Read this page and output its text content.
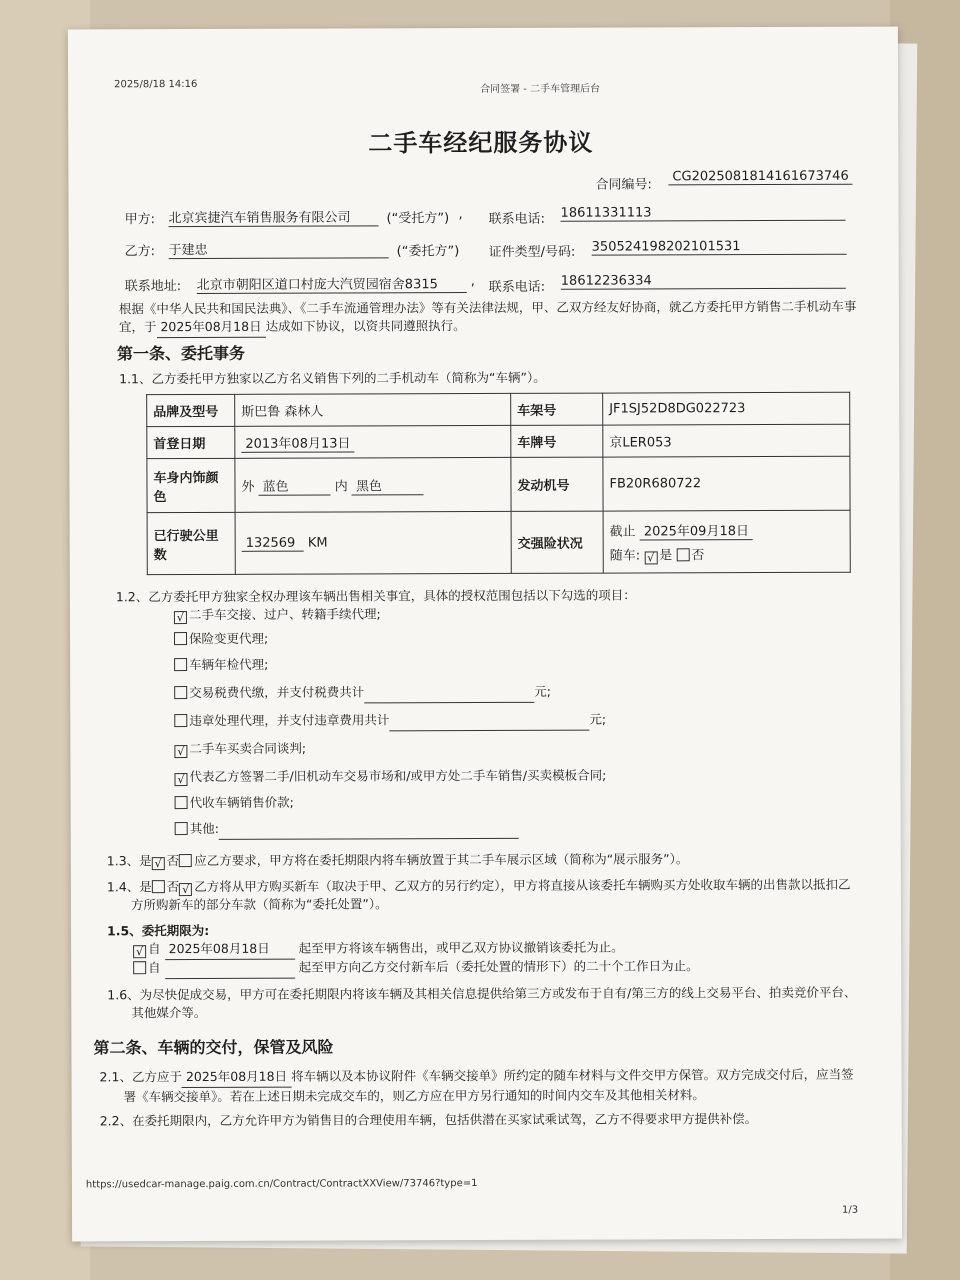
2025/8/18 14:16	合同签署 - 二手车管理后台
二手车经纪服务协议
合同编号:
CG2025081814161673746
甲方: 北京宾捷汽车销售服务有限公司	(“受托方”) , 联系电话: 18611331113
乙方: 于建忠	(“委托方”) 证件类型/号码: 350524198202101531
联系地址: 北京市朝阳区道口村庞大汽贸园宿舍8315	, 联系电话: 18612236334
根据《中华人民共和国民法典》、《二手车流通管理办法》等有关法律法规，甲、乙双方经友好协商，就乙方委托甲方销售二手机动车事
宜，于 2025年08月18日 达成如下协议，以资共同遵照执行。
第一条、委托事务
1.1、乙方委托甲方独家以乙方名义销售下列的二手机动车（简称为“车辆”）。
品牌及型号	斯巴鲁 森林人	车架号	JF1SJ52D8DG022723
首登日期	2013年08月13日	车牌号	京LER053
车身内饰颜色	外 蓝色 内 黑色	发动机号	FB20R680722
已行驶公里数	132569 KM	交强险状况	截止 2025年09月18日
随车: √ 是 否
1.2、乙方委托甲方独家全权办理该车辆出售相关事宜，具体的授权范围包括以下勾选的项目：
1.3、是 √ 否 应乙方要求，甲方将在委托期限内将车辆放置于其二手车展示区域（简称为“展示服务”）。
1.4、是 否 √ 乙方将从甲方购买新车（取决于甲、乙双方的另行约定），甲方将直接从该委托车辆购买方处收取车辆的出售款以抵扣乙
方所购新车的部分车款（简称为“委托处置”）。
1.5、委托期限为:
√ 自 2025年08月18日 起至甲方将该车辆售出，或甲乙双方协议撤销该委托为止。
自	起至甲方向乙方交付新车后（委托处置的情形下）的二十个工作日为止。
1.6、为尽快促成交易，甲方可在委托期限内将该车辆及其相关信息提供给第三方或发布于自有/第三方的线上交易平台、拍卖竞价平台、
其他媒介等。
第二条、车辆的交付，保管及风险
2.1、乙方应于 2025年08月18日 将车辆以及本协议附件《车辆交接单》所约定的随车材料与文件交甲方保管。双方完成交付后，应当签
署《车辆交接单》。若在上述日期未完成交车的，则乙方应在甲方另行通知的时间内交车及其他相关材料。
2.2、在委托期限内，乙方允许甲方为销售目的合理使用车辆，包括供潜在买家试乘试驾，乙方不得要求甲方提供补偿。
https://usedcar-manage.paig.com.cn/Contract/ContractXXView/73746?type=1
1/3
√ 二手车交接、过户、转籍手续代理;
保险变更代理;
车辆年检代理;
交易税费代缴，并支付税费共计	元;
违章处理代理，并支付违章费用共计	元;
√ 二手车买卖合同谈判;
√ 代表乙方签署二手/旧机动车交易市场和/或甲方处二手车销售/买卖模板合同;
代收车辆销售价款;
其他:
